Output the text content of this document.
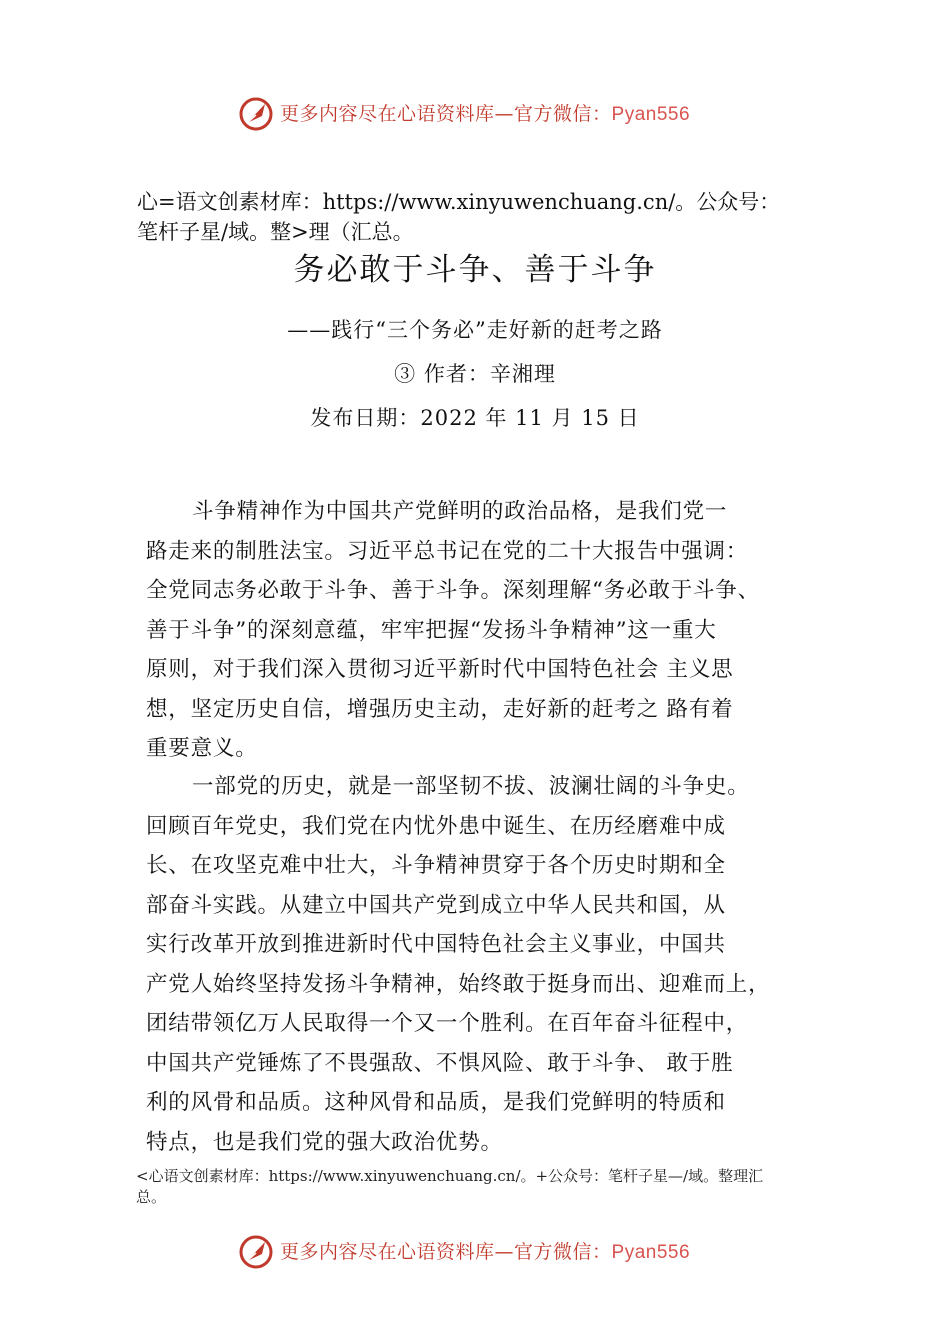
更多内容尽在心语资料库—官方微信：Pyan556
心=语文创素材库：https://www.xinyuwenchuang.cn/。公众号：
笔杆子星/域。整>理（汇总。
务必敢于斗争、善于斗争
——践行“三个务必”走好新的赶考之路
③ 作者：辛湘理
发布日期：2022 年 11 月 15 日
斗争精神作为中国共产党鲜明的政治品格，是我们党一
路走来的制胜法宝。习近平总书记在党的二十大报告中强调：
全党同志务必敢于斗争、善于斗争。深刻理解“务必敢于斗争、
善于斗争”的深刻意蕴，牢牢把握“发扬斗争精神”这一重大
原则，对于我们深入贯彻习近平新时代中国特色社会 主义思
想，坚定历史自信，增强历史主动，走好新的赶考之 路有着
重要意义。
一部党的历史，就是一部坚韧不拔、波澜壮阔的斗争史。
回顾百年党史，我们党在内忧外患中诞生、在历经磨难中成
长、在攻坚克难中壮大，斗争精神贯穿于各个历史时期和全
部奋斗实践。从建立中国共产党到成立中华人民共和国，从
实行改革开放到推进新时代中国特色社会主义事业，中国共
产党人始终坚持发扬斗争精神，始终敢于挺身而出、迎难而上，
团结带领亿万人民取得一个又一个胜利。在百年奋斗征程中，
中国共产党锤炼了不畏强敌、不惧风险、敢于斗争、 敢于胜
利的风骨和品质。这种风骨和品质，是我们党鲜明的特质和
特点，也是我们党的强大政治优势。
<心语文创素材库：https://www.xinyuwenchuang.cn/。+公众号：笔杆子星—/域。整理汇
总。
更多内容尽在心语资料库—官方微信：Pyan556
